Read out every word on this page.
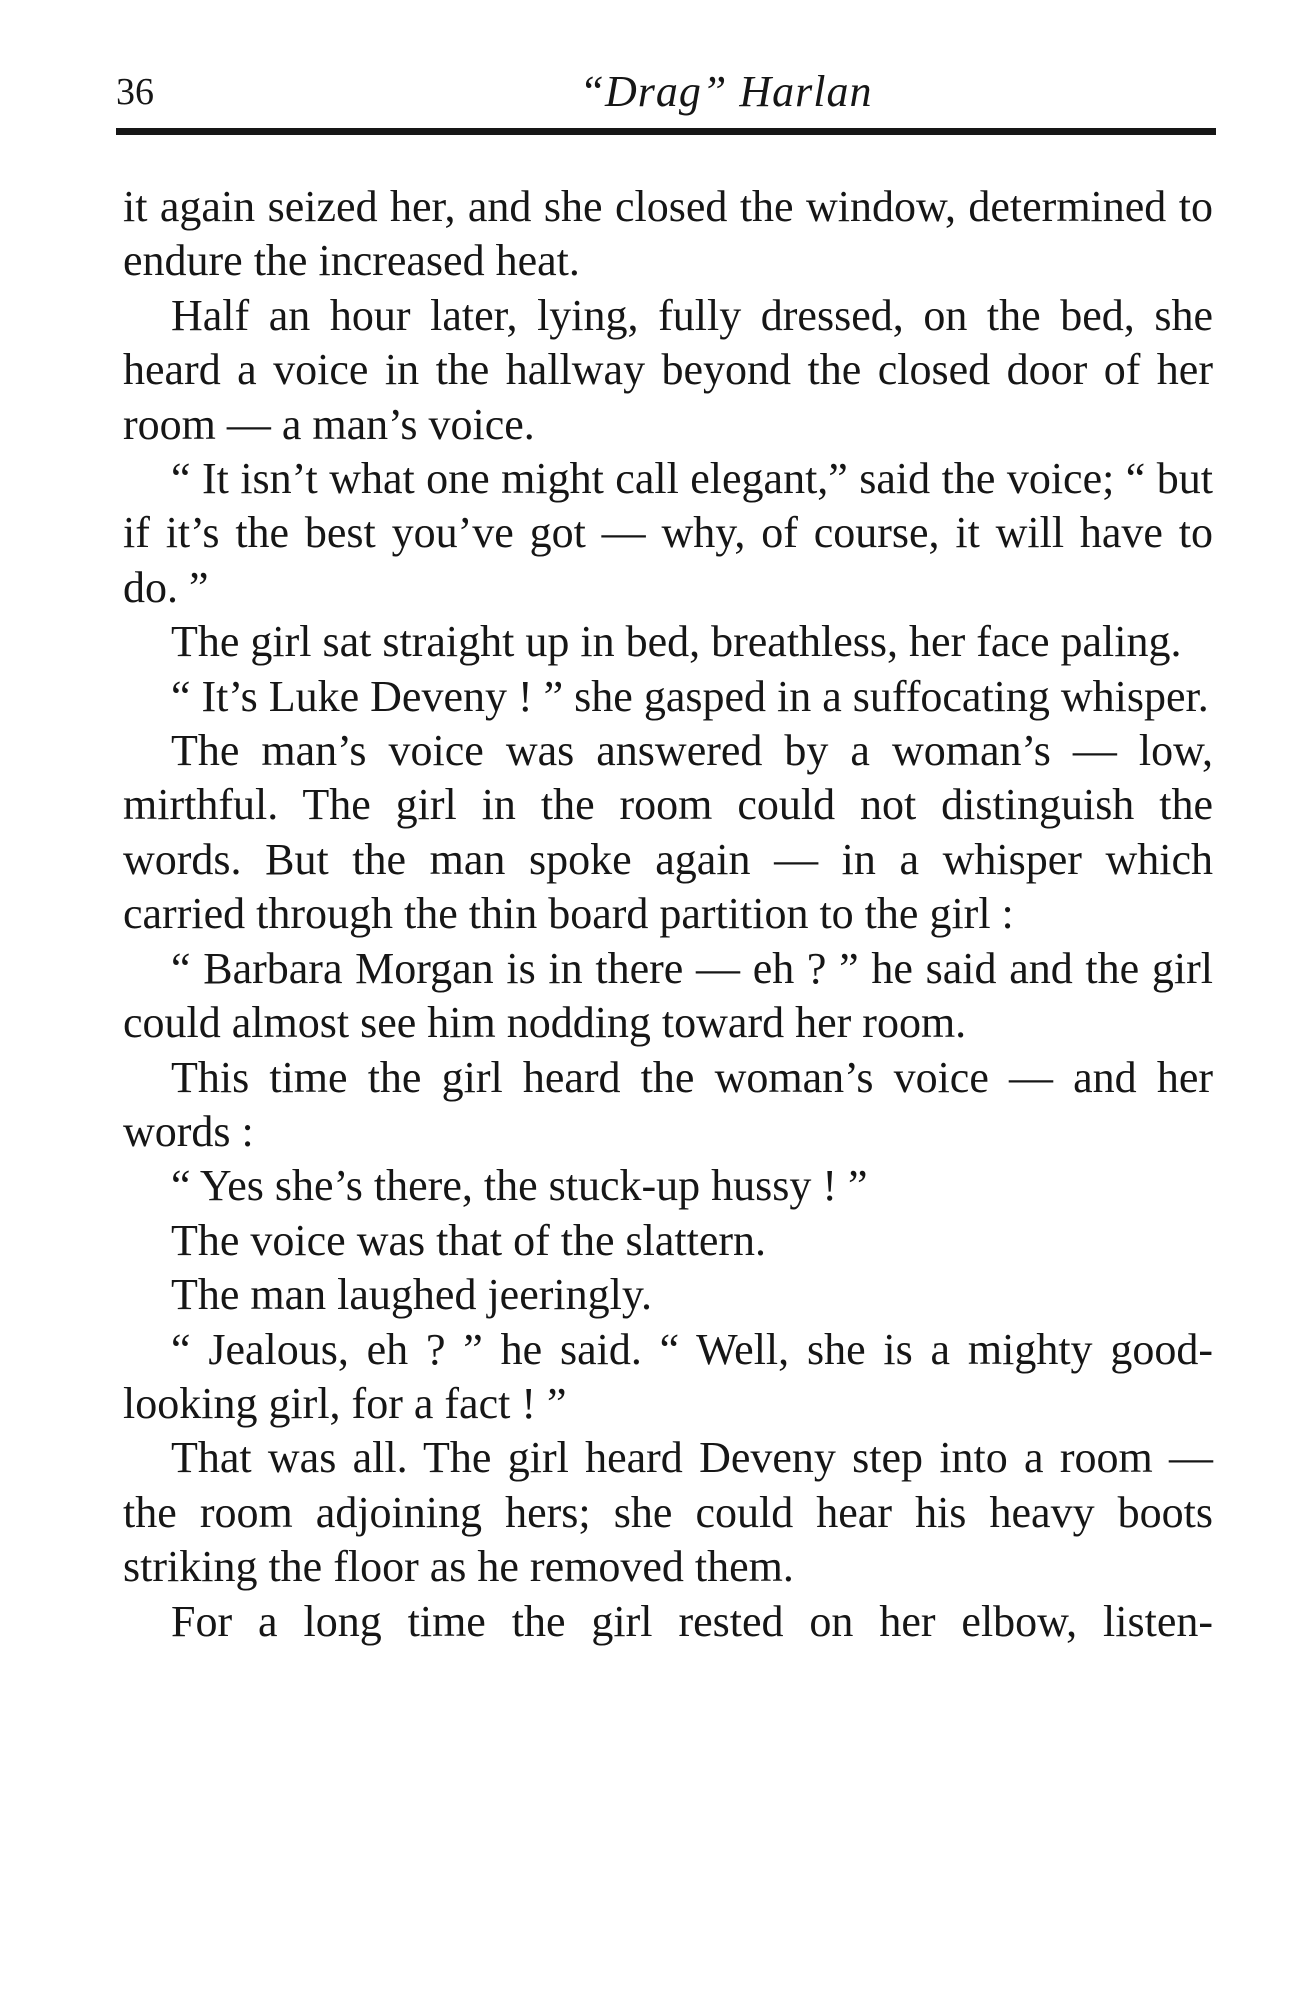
36	“Drag” Harlan

it again seized her, and she closed the window, determined to endure the increased heat.

Half an hour later, lying, fully dressed, on the bed, she heard a voice in the hallway beyond the closed door of her room — a man’s voice.

“ It isn’t what one might call elegant,” said the voice; “ but if it’s the best you’ve got — why, of course, it will have to do. ”

The girl sat straight up in bed, breathless, her face paling.

“ It’s Luke Deveny ! ” she gasped in a suffocating whisper.

The man’s voice was answered by a woman’s — low, mirthful. The girl in the room could not distinguish the words. But the man spoke again — in a whisper which carried through the thin board partition to the girl :

“ Barbara Morgan is in there — eh ? ” he said and the girl could almost see him nodding toward her room.

This time the girl heard the woman’s voice — and her words :

“ Yes she’s there, the stuck-up hussy ! ”

The voice was that of the slattern.

The man laughed jeeringly.

“ Jealous, eh ? ” he said. “ Well, she is a mighty good-looking girl, for a fact ! ”

That was all. The girl heard Deveny step into a room — the room adjoining hers; she could hear his heavy boots striking the floor as he removed them.

For a long time the girl rested on her elbow, listen-
